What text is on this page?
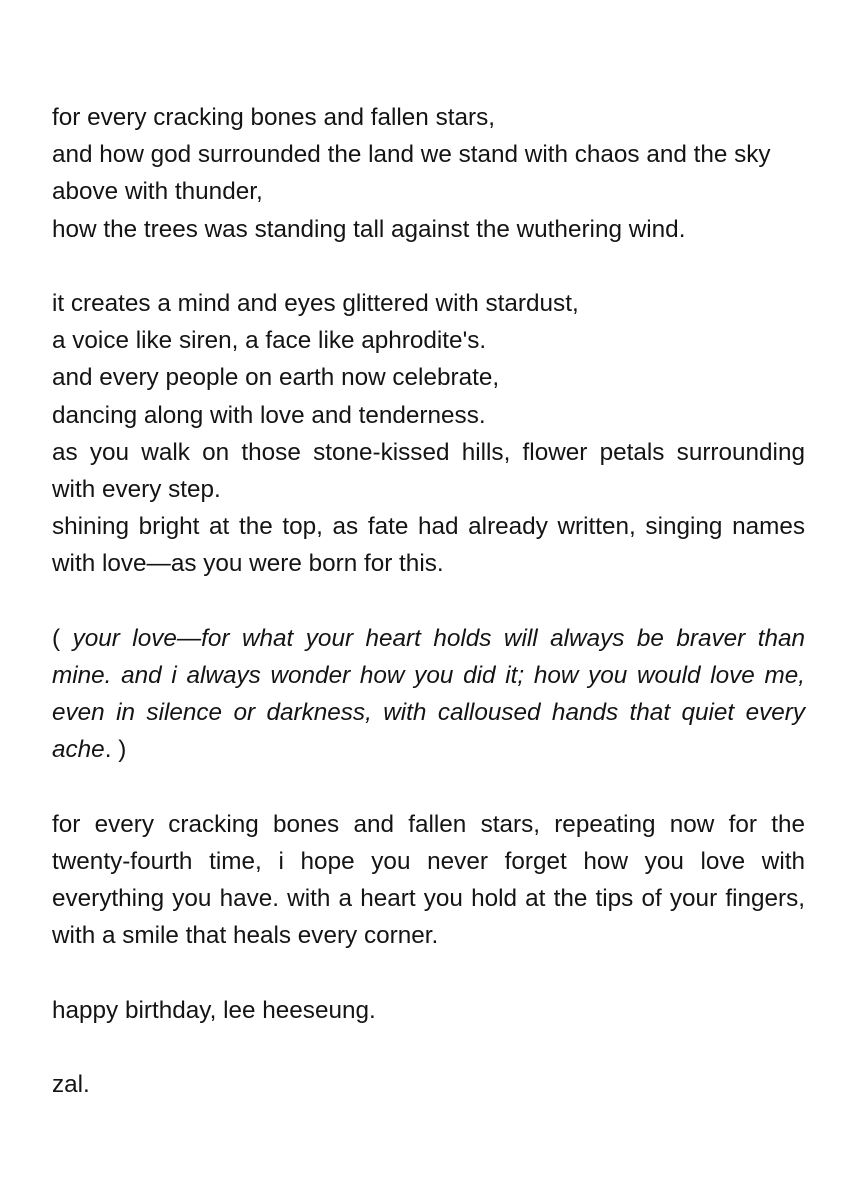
for every cracking bones and fallen stars,
and how god surrounded the land we stand with chaos and the sky above with thunder,
how the trees was standing tall against the wuthering wind.
it creates a mind and eyes glittered with stardust,
a voice like siren, a face like aphrodite's.
and every people on earth now celebrate,
dancing along with love and tenderness.
as you walk on those stone-kissed hills, flower petals surrounding with every step.
shining bright at the top, as fate had already written, singing names with love—as you were born for this.
( your love—for what your heart holds will always be braver than mine. and i always wonder how you did it; how you would love me, even in silence or darkness, with calloused hands that quiet every ache. )
for every cracking bones and fallen stars, repeating now for the twenty-fourth time, i hope you never forget how you love with everything you have. with a heart you hold at the tips of your fingers, with a smile that heals every corner.
happy birthday, lee heeseung.
zal.
